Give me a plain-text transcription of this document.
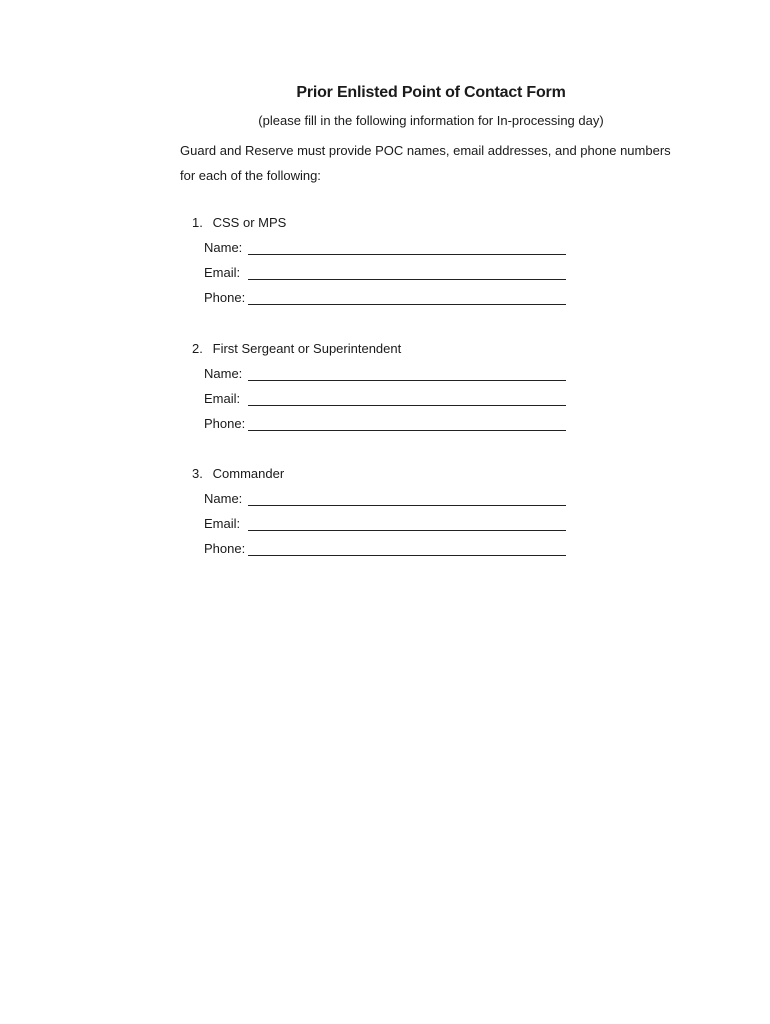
Prior Enlisted Point of Contact Form
(please fill in the following information for In-processing day)
Guard and Reserve must provide POC names, email addresses, and phone numbers
for each of the following:
1. CSS or MPS
Name:
Email:
Phone:
2. First Sergeant or Superintendent
Name:
Email:
Phone:
3. Commander
Name:
Email:
Phone:
